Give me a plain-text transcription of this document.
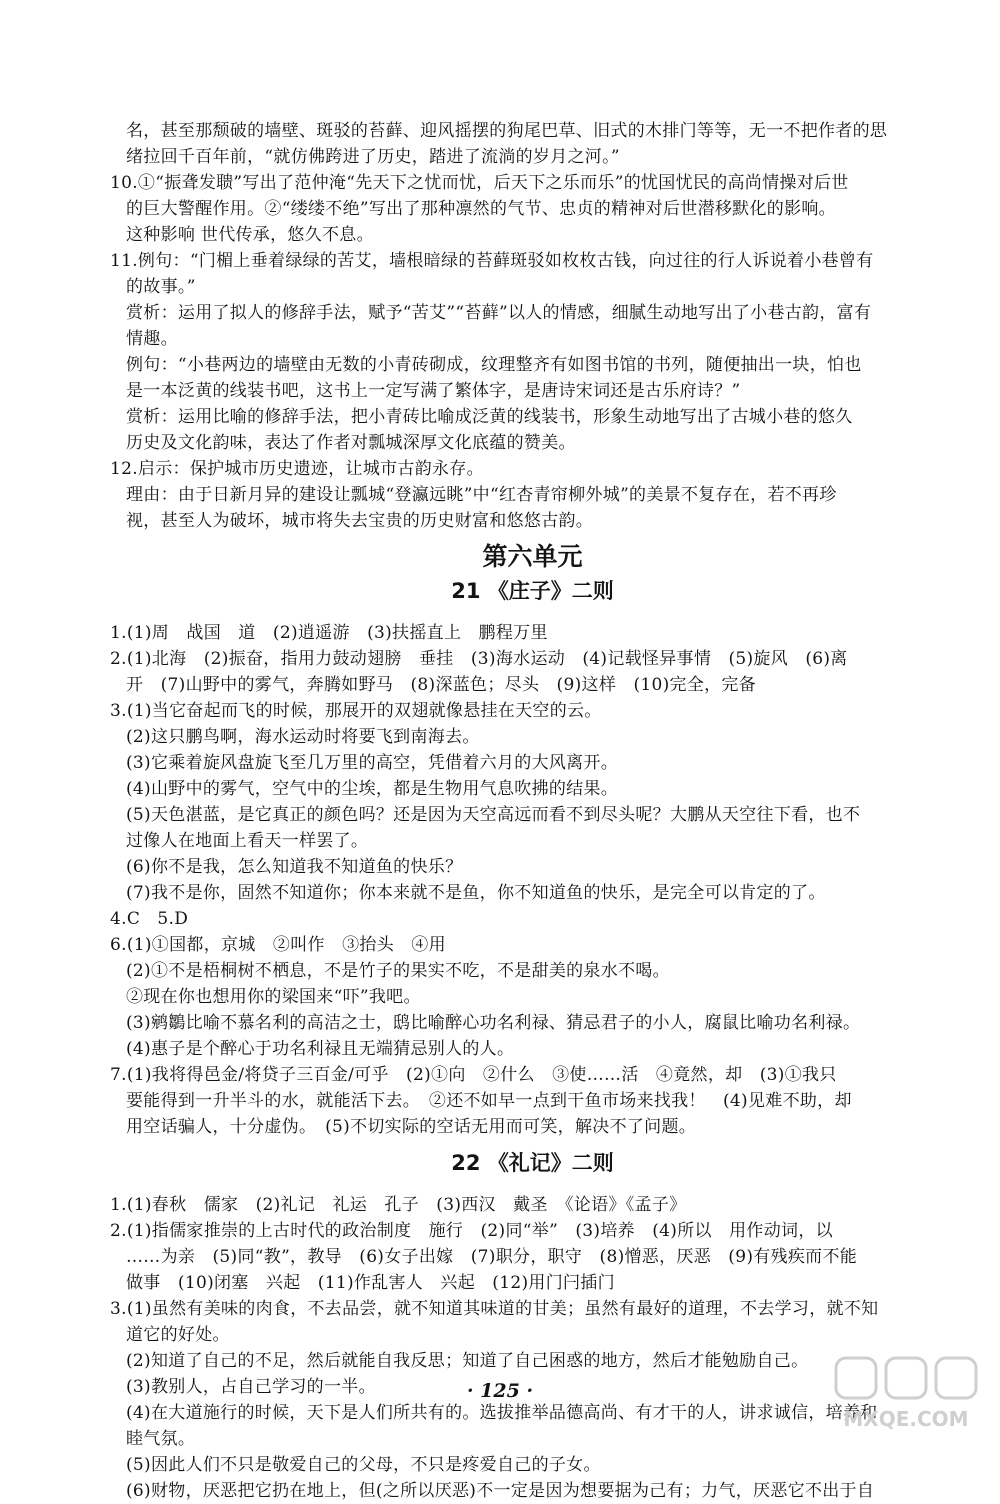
名，甚至那颓破的墙壁、斑驳的苔藓、迎风摇摆的狗尾巴草、旧式的木排门等等，无一不把作者的思
绪拉回千百年前，“就仿佛跨进了历史，踏进了流淌的岁月之河。”
10.①“振聋发聩”写出了范仲淹“先天下之忧而忧，后天下之乐而乐”的忧国忧民的高尚情操对后世
的巨大警醒作用。②“缕缕不绝”写出了那种凛然的气节、忠贞的精神对后世潜移默化的影响。
这种影响 世代传承，悠久不息。
11.例句：“门楣上垂着绿绿的苦艾，墙根暗绿的苔藓斑驳如枚枚古钱，向过往的行人诉说着小巷曾有
的故事。”
赏析：运用了拟人的修辞手法，赋予“苦艾”“苔藓”以人的情感，细腻生动地写出了小巷古韵，富有
情趣。
例句：“小巷两边的墙壁由无数的小青砖砌成，纹理整齐有如图书馆的书列，随便抽出一块，怕也
是一本泛黄的线装书吧，这书上一定写满了繁体字，是唐诗宋词还是古乐府诗？”
赏析：运用比喻的修辞手法，把小青砖比喻成泛黄的线装书，形象生动地写出了古城小巷的悠久
历史及文化韵味，表达了作者对瓢城深厚文化底蕴的赞美。
12.启示：保护城市历史遗迹，让城市古韵永存。
理由：由于日新月异的建设让瓢城“登瀛远眺”中“红杏青帘柳外城”的美景不复存在，若不再珍
视，甚至人为破坏，城市将失去宝贵的历史财富和悠悠古韵。
第六单元
21 《庄子》二则
1.(1)周　战国　道　(2)逍遥游　(3)扶摇直上　鹏程万里
2.(1)北海　(2)振奋，指用力鼓动翅膀　垂挂　(3)海水运动　(4)记载怪异事情　(5)旋风　(6)离
开　(7)山野中的雾气，奔腾如野马　(8)深蓝色；尽头　(9)这样　(10)完全，完备
3.(1)当它奋起而飞的时候，那展开的双翅就像悬挂在天空的云。
(2)这只鹏鸟啊，海水运动时将要飞到南海去。
(3)它乘着旋风盘旋飞至几万里的高空，凭借着六月的大风离开。
(4)山野中的雾气，空气中的尘埃，都是生物用气息吹拂的结果。
(5)天色湛蓝，是它真正的颜色吗？还是因为天空高远而看不到尽头呢？大鹏从天空往下看，也不
过像人在地面上看天一样罢了。
(6)你不是我，怎么知道我不知道鱼的快乐？
(7)我不是你，固然不知道你；你本来就不是鱼，你不知道鱼的快乐，是完全可以肯定的了。
4.C　5.D
6.(1)①国都，京城　②叫作　③抬头　④用
(2)①不是梧桐树不栖息，不是竹子的果实不吃，不是甜美的泉水不喝。
②现在你也想用你的梁国来“吓”我吧。
(3)鹓鶵比喻不慕名利的高洁之士，鸱比喻醉心功名利禄、猜忌君子的小人，腐鼠比喻功名利禄。
(4)惠子是个醉心于功名利禄且无端猜忌别人的人。
7.(1)我将得邑金/将贷子三百金/可乎　(2)①向　②什么　③使……活　④竟然，却　(3)①我只
要能得到一升半斗的水，就能活下去。　②还不如早一点到干鱼市场来找我！　(4)见难不助，却
用空话骗人，十分虚伪。　(5)不切实际的空话无用而可笑，解决不了问题。
22 《礼记》二则
1.(1)春秋　儒家　(2)礼记　礼运　孔子　(3)西汉　戴圣　《论语》《孟子》
2.(1)指儒家推崇的上古时代的政治制度　施行　(2)同“举”　(3)培养　(4)所以　用作动词，以
……为亲　(5)同“教”，教导　(6)女子出嫁　(7)职分，职守　(8)憎恶，厌恶　(9)有残疾而不能
做事　(10)闭塞　兴起　(11)作乱害人　兴起　(12)用门闩插门
3.(1)虽然有美味的肉食，不去品尝，就不知道其味道的甘美；虽然有最好的道理，不去学习，就不知
道它的好处。
(2)知道了自己的不足，然后就能自我反思；知道了自己困惑的地方，然后才能勉励自己。
(3)教别人，占自己学习的一半。
(4)在大道施行的时候，天下是人们所共有的。选拔推举品德高尚、有才干的人，讲求诚信，培养和
睦气氛。
(5)因此人们不只是敬爱自己的父母，不只是疼爱自己的子女。
(6)财物，厌恶把它扔在地上，但(之所以厌恶)不一定是因为想要据为己有；力气，厌恶它不出于自
· 125 ·
MXQE.COM
